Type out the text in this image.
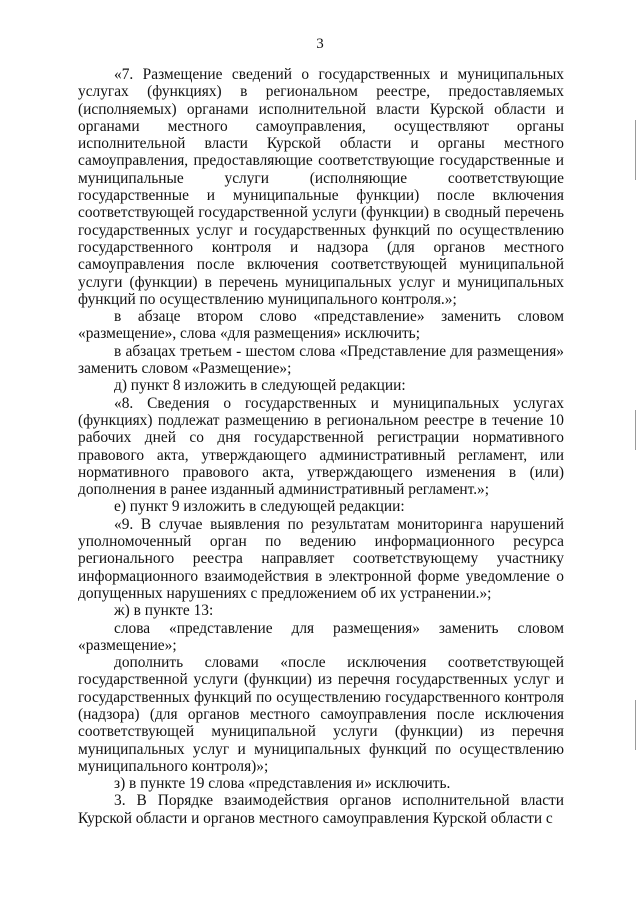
3

«7. Размещение сведений о государственных и муниципальных услугах (функциях) в региональном реестре, предоставляемых (исполняемых) органами исполнительной власти Курской области и органами местного самоуправления, осуществляют органы исполнительной власти Курской области и органы местного самоуправления, предоставляющие соответствующие государственные и муниципальные услуги (исполняющие соответствующие государственные и муниципальные функции) после включения соответствующей государственной услуги (функции) в сводный перечень государственных услуг и государственных функций по осуществлению государственного контроля и надзора (для органов местного самоуправления после включения соответствующей муниципальной услуги (функции) в перечень муниципальных услуг и муниципальных функций по осуществлению муниципального контроля.»;

в абзаце втором слово «представление» заменить словом «размещение», слова «для размещения» исключить;

в абзацах третьем - шестом слова «Представление для размещения» заменить словом «Размещение»;

д) пункт 8 изложить в следующей редакции:

«8. Сведения о государственных и муниципальных услугах (функциях) подлежат размещению в региональном реестре в течение 10 рабочих дней со дня государственной регистрации нормативного правового акта, утверждающего административный регламент, или нормативного правового акта, утверждающего изменения в (или) дополнения в ранее изданный административный регламент.»;

е) пункт 9 изложить в следующей редакции:

«9. В случае выявления по результатам мониторинга нарушений уполномоченный орган по ведению информационного ресурса регионального реестра направляет соответствующему участнику информационного взаимодействия в электронной форме уведомление о допущенных нарушениях с предложением об их устранении.»;

ж) в пункте 13:

слова «представление для размещения» заменить словом «размещение»;

дополнить словами «после исключения соответствующей государственной услуги (функции) из перечня государственных услуг и государственных функций по осуществлению государственного контроля (надзора) (для органов местного самоуправления после исключения соответствующей муниципальной услуги (функции) из перечня муниципальных услуг и муниципальных функций по осуществлению муниципального контроля)»;

з) в пункте 19 слова «представления и» исключить.

3. В Порядке взаимодействия органов исполнительной власти Курской области и органов местного самоуправления Курской области с
